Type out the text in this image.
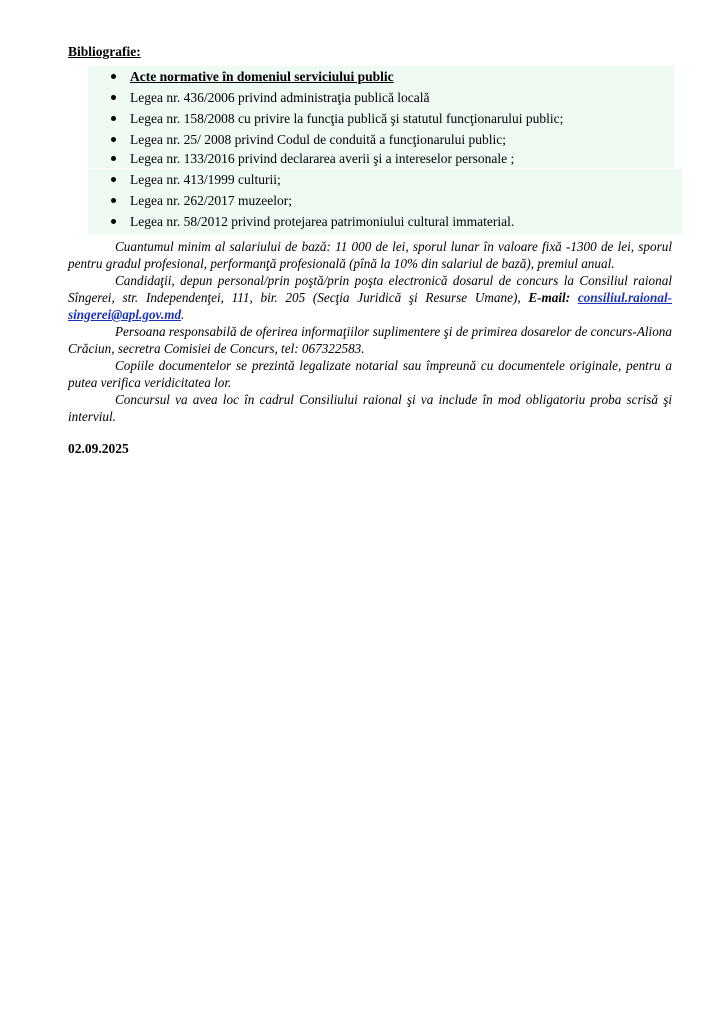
Bibliografie:
Acte normative în domeniul serviciului public
Legea nr. 436/2006 privind administraţia publică locală
Legea nr. 158/2008 cu privire la funcţia publică şi statutul funcţionarului public;
Legea nr. 25/ 2008 privind Codul de conduită a funcţionarului public;
Legea nr. 133/2016 privind declararea averii şi a intereselor personale ;
Legea nr. 413/1999 culturii;
Legea nr. 262/2017 muzeelor;
Legea nr. 58/2012 privind protejarea patrimoniului cultural immaterial.

Cuantumul minim al salariului de bază: 11 000 de lei, sporul lunar în valoare fixă -1300 de lei, sporul pentru gradul profesional, performanţă profesională (pînă la 10% din salariul de bază), premiul anual.

Candidaţii, depun personal/prin poştă/prin poşta electronică dosarul de concurs la Consiliul raional Sîngerei, str. Independenţei, 111, bir. 205 (Secţia Juridică şi Resurse Umane), E-mail: consiliul.raional-singerei@apl.gov.md.

Persoana responsabilă de oferirea informaţiilor suplimentere şi de primirea dosarelor de concurs-Aliona Crăciun, secretra Comisiei de Concurs, tel: 067322583.

Copiile documentelor se prezintă legalizate notarial sau împreună cu documentele originale, pentru a putea verifica veridicitatea lor.

Concursul va avea loc în cadrul Consiliului raional şi va include în mod obligatoriu proba scrisă şi interviul.

02.09.2025
